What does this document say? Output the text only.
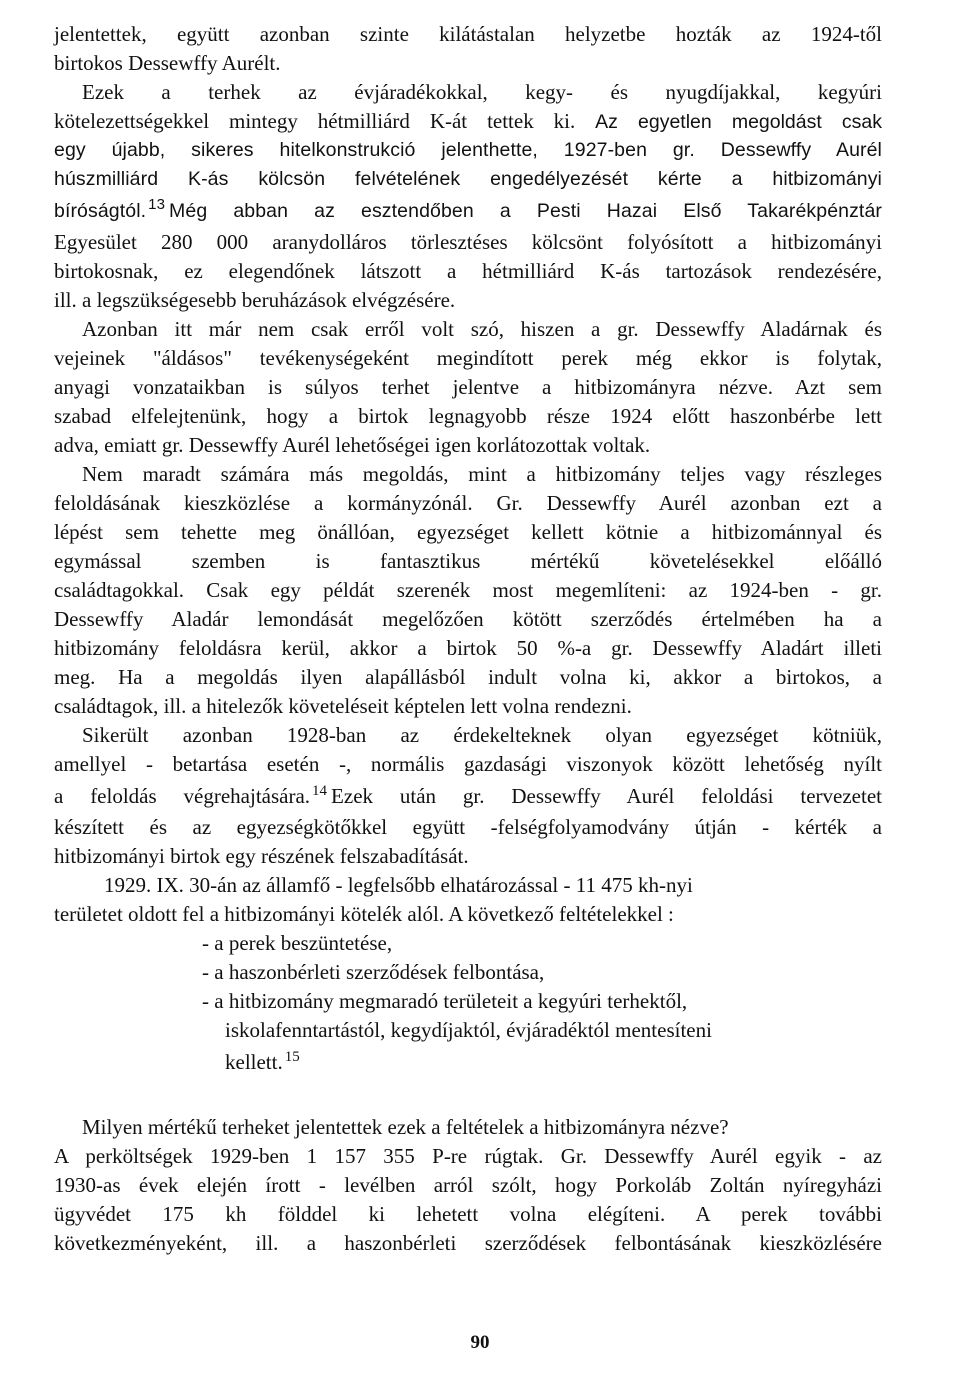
jelentettek, együtt azonban szinte kilátástalan helyzetbe hozták az 1924-től
birtokos Dessewffy Aurélt.
Ezek a terhek az évjáradékokkal, kegy- és nyugdíjakkal, kegyúri
kötelezettségekkel mintegy hétmilliárd K-át tettek ki. Az egyetlen megoldást csak
egy újabb, sikeres hitelkonstrukció jelenthette, 1927-ben gr. Dessewffy Aurél
húszmilliárd K-ás kölcsön felvételének engedélyezését kérte a hitbizományi
bíróságtól. $^{13}$ Még abban az esztendőben a Pesti Hazai Első Takarékpénztár
Egyesület 280 000 aranydolláros törlesztéses kölcsönt folyósított a hitbizományi
birtokosnak, ez elegendőnek látszott a hétmilliárd K-ás tartozások rendezésére,
ill. a legszükségesebb beruházások elvégzésére.
Azonban itt már nem csak erről volt szó, hiszen a gr. Dessewffy Aladárnak és
vejeinek "áldásos" tevékenységeként megindított perek még ekkor is folytak,
anyagi vonzataikban is súlyos terhet jelentve a hitbizományra nézve. Azt sem
szabad elfelejtenünk, hogy a birtok legnagyobb része 1924 előtt haszonbérbe lett
adva, emiatt gr. Dessewffy Aurél lehetőségei igen korlátozottak voltak.
Nem maradt számára más megoldás, mint a hitbizomány teljes vagy részleges
feloldásának kieszközlése a kormányzónál. Gr. Dessewffy Aurél azonban ezt a
lépést sem tehette meg önállóan, egyezséget kellett kötnie a hitbizománnyal és
egymással szemben is fantasztikus mértékű követelésekkel előálló
családtagokkal. Csak egy példát szerenék most megemlíteni: az 1924-ben - gr.
Dessewffy Aladár lemondását megelőzően kötött szerződés értelmében ha a
hitbizomány feloldásra kerül, akkor a birtok 50 %-a gr. Dessewffy Aladárt illeti
meg. Ha a megoldás ilyen alapállásból indult volna ki, akkor a birtokos, a
családtagok, ill. a hitelezők követeléseit képtelen lett volna rendezni.
Sikerült azonban 1928-ban az érdekelteknek olyan egyezséget kötniük,
amellyel - betartása esetén -, normális gazdasági viszonyok között lehetőség nyílt
a feloldás végrehajtására. $^{14}$ Ezek után gr. Dessewffy Aurél feloldási tervezetet
készített és az egyezségkötőkkel együtt -felségfolyamodvány útján - kérték a
hitbizományi birtok egy részének felszabadítását.
1929. IX. 30-án az államfő - legfelsőbb elhatározással - 11 475 kh-nyi
területet oldott fel a hitbizományi kötelék alól. A következő feltételekkel :
- a perek beszüntetése,
- a haszonbérleti szerződések felbontása,
- a hitbizomány megmaradó területeit a kegyúri terhektől,
iskolafenntartástól, kegydíjaktól, évjáradéktól mentesíteni
kellett. $^{15}$
Milyen mértékű terheket jelentettek ezek a feltételek a hitbizományra nézve?
A perköltségek 1929-ben 1 157 355 P-re rúgtak. Gr. Dessewffy Aurél egyik - az
1930-as évek elején írott - levélben arról szólt, hogy Porkoláb Zoltán nyíregyházi
ügyvédet 175 kh földdel ki lehetett volna elégíteni. A perek további
következményeként, ill. a haszonbérleti szerződések felbontásának kieszközlésére
90
